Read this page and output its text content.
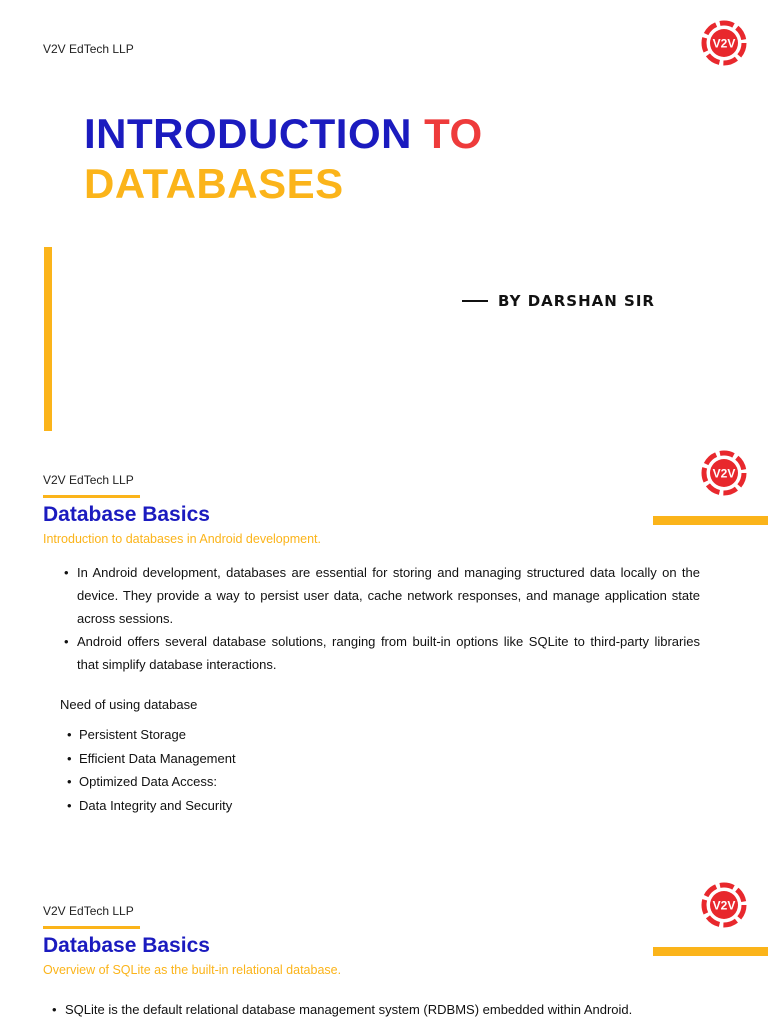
V2V EdTech LLP	V2V
INTRODUCTION TO
DATABASES
BY DARSHAN SIR
V2V EdTech LLP	V2V
Database Basics
Introduction to databases in Android development.
• In Android development, databases are essential for storing and managing structured data locally on the device. They provide a way to persist user data, cache network responses, and manage application state across sessions.
• Android offers several database solutions, ranging from built-in options like SQLite to third-party libraries that simplify database interactions.
Need of using database
• Persistent Storage
• Efficient Data Management
• Optimized Data Access:
• Data Integrity and Security
V2V EdTech LLP	V2V
Database Basics
Overview of SQLite as the built-in relational database.
• SQLite is the default relational database management system (RDBMS) embedded within Android.
